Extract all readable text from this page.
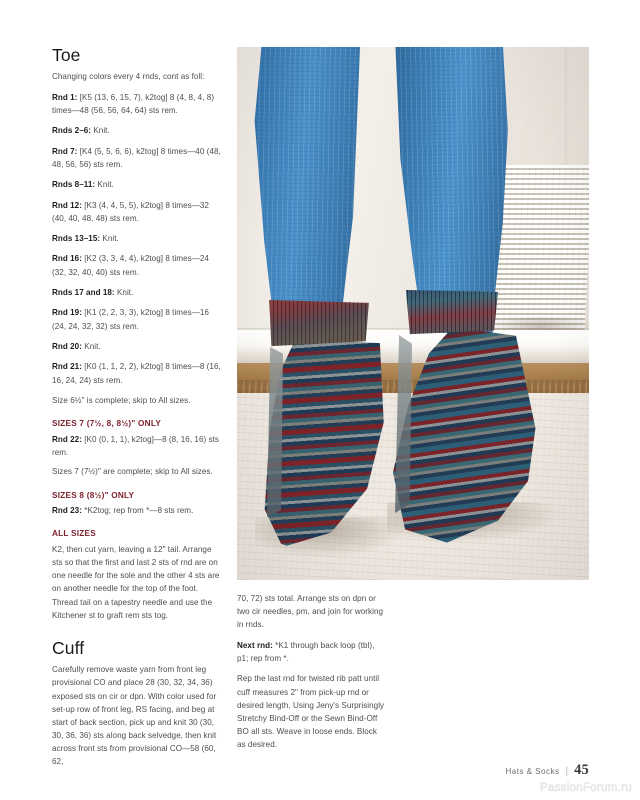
Toe

Changing colors every 4 rnds, cont as foll:

Rnd 1: [K5 (13, 6, 15, 7), k2tog] 8 (4, 8, 4, 8) times—48 (56, 56, 64, 64) sts rem.

Rnds 2–6: Knit.

Rnd 7: [K4 (5, 5, 6, 6), k2tog] 8 times—40 (48, 48, 56, 56) sts rem.

Rnds 8–11: Knit.

Rnd 12: [K3 (4, 4, 5, 5), k2tog] 8 times—32 (40, 40, 48, 48) sts rem.

Rnds 13–15: Knit.

Rnd 16: [K2 (3, 3, 4, 4), k2tog] 8 times—24 (32, 32, 40, 40) sts rem.

Rnds 17 and 18: Knit.

Rnd 19: [K1 (2, 2, 3, 3), k2tog] 8 times—16 (24, 24, 32, 32) sts rem.

Rnd 20: Knit.

Rnd 21: [K0 (1, 1, 2, 2), k2tog] 8 times—8 (16, 16, 24, 24) sts rem.

Size 6½" is complete; skip to All sizes.

SIZES 7 (7½, 8, 8½)" ONLY

Rnd 22: [K0 (0, 1, 1), k2tog]—8 (8, 16, 16) sts rem.

Sizes 7 (7½)" are complete; skip to All sizes.

SIZES 8 (8½)" ONLY

Rnd 23: *K2tog; rep from *—8 sts rem.

ALL SIZES

K2, then cut yarn, leaving a 12" tail. Arrange sts so that the first and last 2 sts of rnd are on one needle for the sole and the other 4 sts are on another needle for the top of the foot. Thread tail on a tapestry needle and use the Kitchener st to graft rem sts tog.

Cuff

Carefully remove waste yarn from front leg provisional CO and place 28 (30, 32, 34, 36) exposed sts on cir or dpn. With color used for set-up row of front leg, RS facing, and beg at start of back section, pick up and knit 30 (30, 30, 36, 36) sts along back selvedge, then knit across front sts from provisional CO—58 (60, 62,

70, 72) sts total. Arrange sts on dpn or two cir needles, pm, and join for working in rnds.

Next rnd: *K1 through back loop (tbl), p1; rep from *.

Rep the last rnd for twisted rib patt until cuff measures 2" from pick-up rnd or desired length. Using Jeny's Surprisingly Stretchy Bind-Off or the Sewn Bind-Off BO all sts. Weave in loose ends. Block as desired.

Hats & Socks | 45
PassionForum.ru
